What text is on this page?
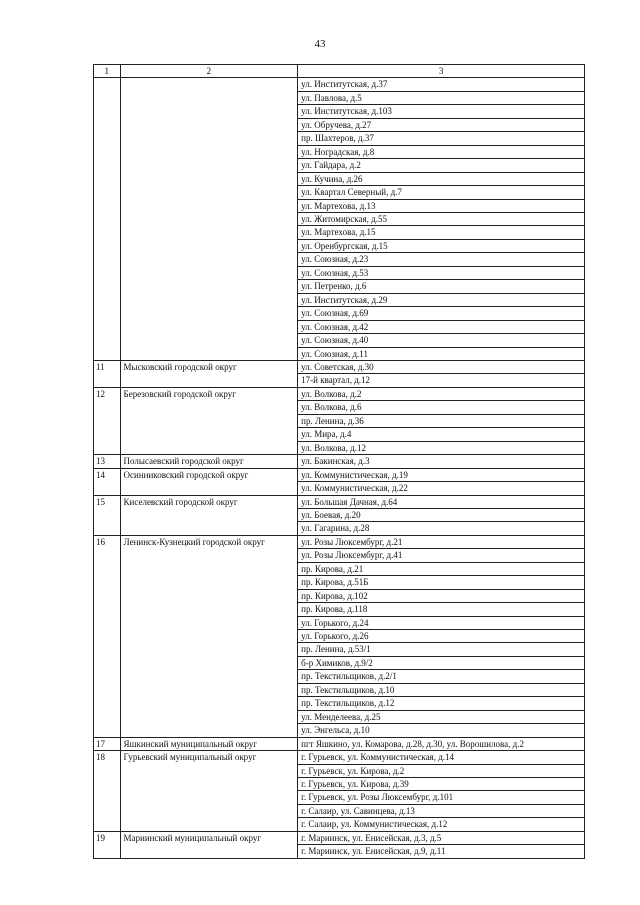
43
1	2	3
		ул. Институтская, д.37
		ул. Павлова, д.5
		ул. Институтская, д.103
		ул. Обручева, д.27
		пр. Шахтеров, д.37
		ул. Ноградская, д.8
		ул. Гайдара, д.2
		ул. Кучина, д.26
		ул. Квартал Северный, д.7
		ул. Мартехова, д.13
		ул. Житомирская, д.55
		ул. Мартехова, д.15
		ул. Оренбургская, д.15
		ул. Союзная, д.23
		ул. Союзная, д.53
		ул. Петренко, д.6
		ул. Институтская, д.29
		ул. Союзная, д.69
		ул. Союзная, д.42
		ул. Союзная, д.40
		ул. Союзная, д.11
11	Мысковский городской округ	ул. Советская, д.30
		17-й квартал, д.12
12	Березовский городской округ	ул. Волкова, д.2
		ул. Волкова, д.6
		пр. Ленина, д.36
		ул. Мира, д.4
		ул. Волкова, д.12
13	Полысаевский городской округ	ул. Бакинская, д.3
14	Осинниковский городской округ	ул. Коммунистическая, д.19
		ул. Коммунистическая, д.22
15	Киселевский городской округ	ул. Большая Дачная, д.64
		ул. Боевая, д.20
		ул. Гагарина, д.28
16	Ленинск-Кузнецкий городской округ	ул. Розы Люксембург, д.21
		ул. Розы Люксембург, д.41
		пр. Кирова, д.21
		пр. Кирова, д.51Б
		пр. Кирова, д.102
		пр. Кирова, д.118
		ул. Горького, д.24
		ул. Горького, д.26
		пр. Ленина, д.53/1
		б-р Химиков, д.9/2
		пр. Текстильщиков, д.2/1
		пр. Текстильщиков, д.10
		пр. Текстильщиков, д.12
		ул. Менделеева, д.25
		ул. Энгельса, д.10
17	Яшкинский муниципальный округ	пгт Яшкино, ул. Комарова, д.28, д.30, ул. Ворошилова, д.2
18	Гурьевский муниципальный округ	г. Гурьевск, ул. Коммунистическая, д.14
		г. Гурьевск, ул. Кирова, д.2
		г. Гурьевск, ул. Кирова, д.39
		г. Гурьевск, ул. Розы Люксембург, д.101
		г. Салаир, ул. Савинцева, д.13
		г. Салаир, ул. Коммунистическая, д.12
19	Мариинский муниципальный округ	г. Мариинск, ул. Енисейская, д.3, д.5
		г. Мариинск, ул. Енисейская, д.9, д.11
